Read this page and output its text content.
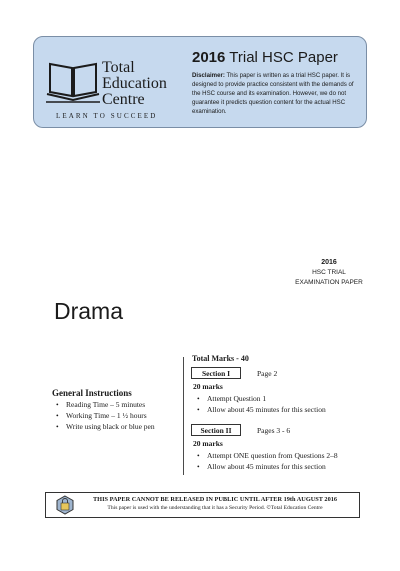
Total
Education
Centre
LEARN TO SUCCEED
2016 Trial HSC Paper
Disclaimer: This paper is written as a trial HSC paper. It is designed to provide practice consistent with the demands of the HSC course and its examination. However, we do not guarantee it predicts question content for the actual HSC examination.
2016
HSC TRIAL
EXAMINATION PAPER
Drama
General Instructions
• Reading Time – 5 minutes
• Working Time – 1 ½ hours
• Write using black or blue pen
Total Marks - 40
Section I	Page 2
20 marks
• Attempt Question 1
• Allow about 45 minutes for this section
Section II	Pages 3 - 6
20 marks
• Attempt ONE question from Questions 2–8
• Allow about 45 minutes for this section
THIS PAPER CANNOT BE RELEASED IN PUBLIC UNTIL AFTER 19th AUGUST 2016
This paper is used with the understanding that it has a Security Period. ©Total Education Centre
